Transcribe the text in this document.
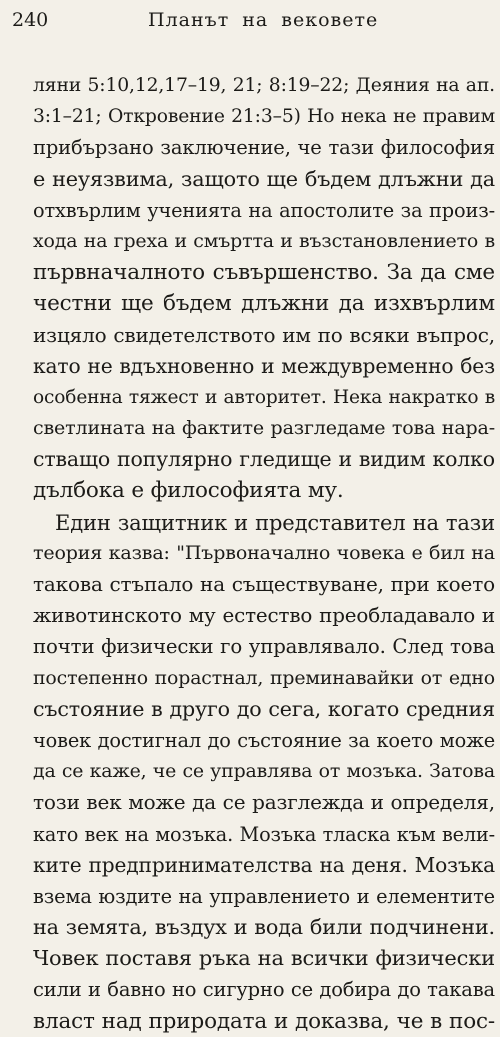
240	Планът на вековете
ляни 5:10,12,17–19, 21; 8:19–22; Деяния на ап.
3:1–21; Откровение 21:3–5) Но нека не правим
прибързано заключение, че тази философия
е неуязвима, защото ще бъдем длъжни да
отхвърлим ученията на апостолите за произ-
хода на греха и смъртта и възстановлението в
първначалното съвършенство. За да сме
честни ще бъдем длъжни да изхвърлим
изцяло свидетелството им по всяки въпрос,
като не вдъхновенно и междувременно без
особенна тяжест и авторитет. Нека накратко в
светлината на фактите разгледаме това нара-
стващо популярно гледище и видим колко
дълбока е философията му.
Един защитник и представител на тази
теория казва: "Първоначално човека е бил на
такова стъпало на съществуване, при което
животинското му естество преобладавало и
почти физически го управлявало. След това
постепенно порастнал, преминавайки от едно
състояние в друго до сега, когато средния
човек достигнал до състояние за което може
да се каже, че се управлява от мозъка. Затова
този век може да се разглежда и определя,
като век на мозъка. Мозъка тласка към вели-
ките предпринимателства на деня. Мозъка
взема юздите на управлението и елементите
на земята, въздух и вода били подчинени.
Човек поставя ръка на всички физически
сили и бавно но сигурно се добира до такава
власт над природата и доказва, че в пос-
